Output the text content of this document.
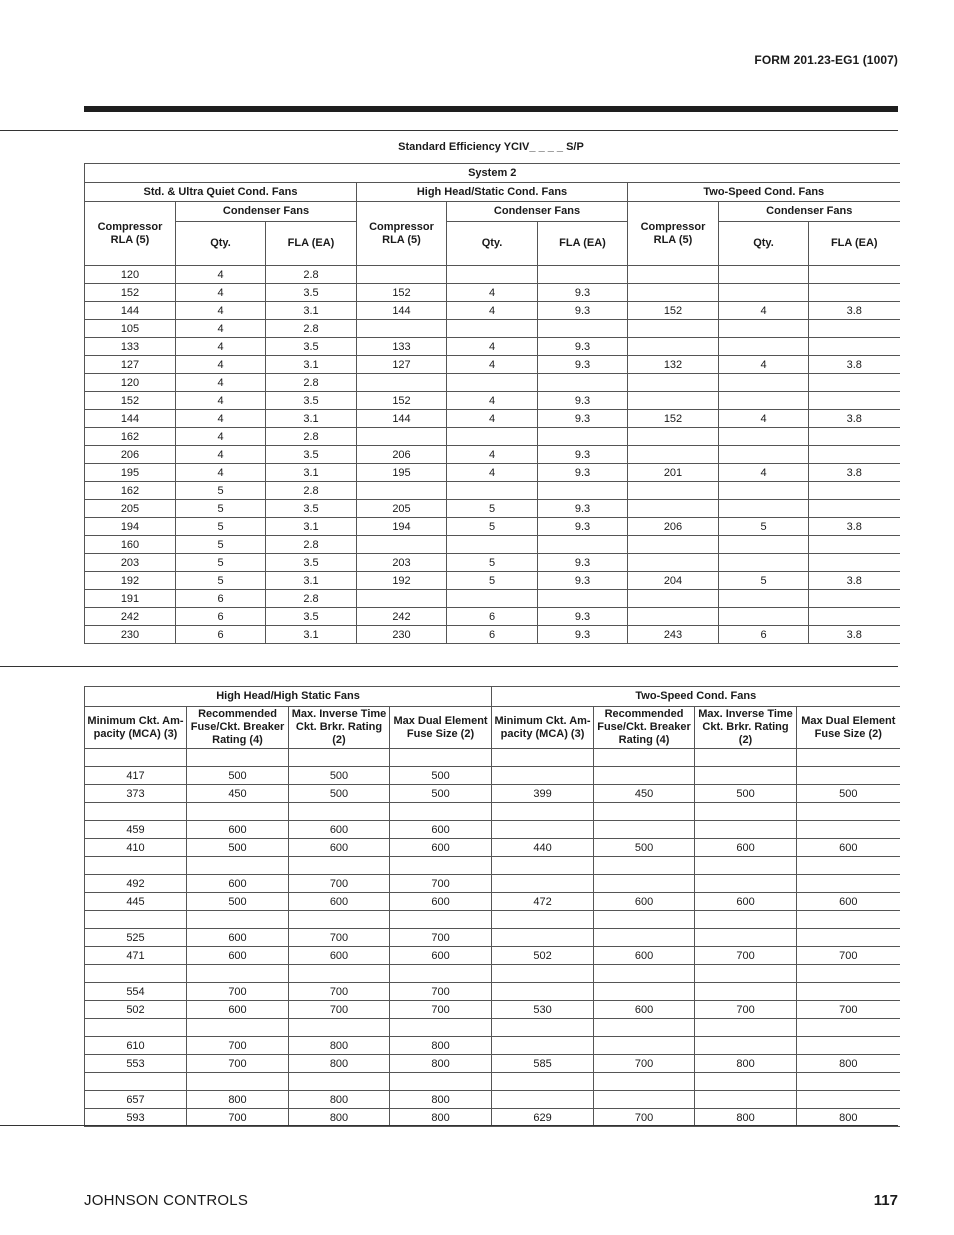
FORM 201.23-EG1 (1007)
Standard Efficiency YCIV_ _ _ _ S/P
System 2								
Std. & Ultra Quiet Cond. Fans			High Head/Static Cond. Fans			Two-Speed Cond. Fans		
Compressor RLA (5)	Condenser Fans		Compressor RLA (5)	Condenser Fans		Compressor RLA (5)	Condenser Fans	
	Qty.	FLA (EA)		Qty.	FLA (EA)		Qty.	FLA (EA)
120	4	2.8						
152	4	3.5	152	4	9.3			
144	4	3.1	144	4	9.3	152	4	3.8
105	4	2.8						
133	4	3.5	133	4	9.3			
127	4	3.1	127	4	9.3	132	4	3.8
120	4	2.8						
152	4	3.5	152	4	9.3			
144	4	3.1	144	4	9.3	152	4	3.8
162	4	2.8						
206	4	3.5	206	4	9.3			
195	4	3.1	195	4	9.3	201	4	3.8
162	5	2.8						
205	5	3.5	205	5	9.3			
194	5	3.1	194	5	9.3	206	5	3.8
160	5	2.8						
203	5	3.5	203	5	9.3			
192	5	3.1	192	5	9.3	204	5	3.8
191	6	2.8						
242	6	3.5	242	6	9.3			
230	6	3.1	230	6	9.3	243	6	3.8
High Head/High Static Fans				Two-Speed Cond. Fans			
Minimum Ckt. Am-pacity (MCA) (3)	Recommended Fuse/Ckt. Breaker Rating (4)	Max. Inverse Time Ckt. Brkr. Rating (2)	Max Dual Element Fuse Size (2)	Minimum Ckt. Am-pacity (MCA) (3)	Recommended Fuse/Ckt. Breaker Rating (4)	Max. Inverse Time Ckt. Brkr. Rating (2)	Max Dual Element Fuse Size (2)

417	500	500	500				
373	450	500	500	399	450	500	500

459	600	600	600				
410	500	600	600	440	500	600	600

492	600	700	700				
445	500	600	600	472	600	600	600

525	600	700	700				
471	600	600	600	502	600	700	700

554	700	700	700				
502	600	700	700	530	600	700	700

610	700	800	800				
553	700	800	800	585	700	800	800

657	800	800	800				
593	700	800	800	629	700	800	800
JOHNSON CONTROLS	117
